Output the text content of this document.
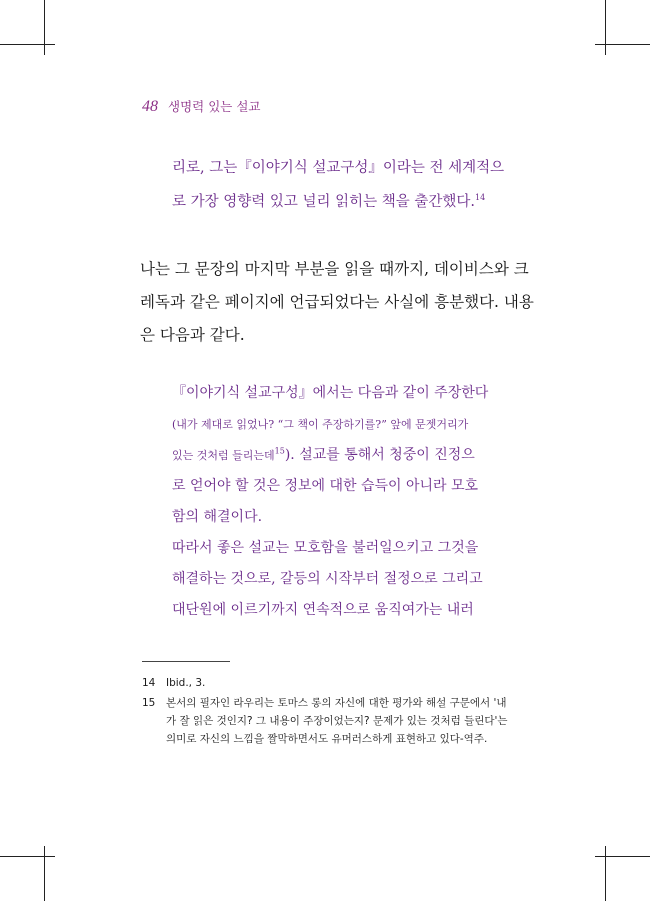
48 생명력 있는 설교

리로, 그는『이야기식 설교구성』이라는 전 세계적으

로 가장 영향력 있고 널리 읽히는 책을 출간했다.$^{14}$

나는 그 문장의 마지막 부분을 읽을 때까지, 데이비스와 크

레독과 같은 페이지에 언급되었다는 사실에 흥분했다. 내용

은 다음과 같다.

『이야기식 설교구성』에서는 다음과 같이 주장한다

(내가 제대로 읽었나? “그 책이 주장하기를?” 앞에 문젯거리가

있는 것처럼 들리는데$^{15}$). 설교를 통해서 청중이 진정으

로 얻어야 할 것은 정보에 대한 습득이 아니라 모호

함의 해결이다.

따라서 좋은 설교는 모호함을 불러일으키고 그것을

해결하는 것으로, 갈등의 시작부터 절정으로 그리고

대단원에 이르기까지 연속적으로 움직여가는 내러

14	Ibid., 3.
15	본서의 필자인 라우리는 토마스 롱의 자신에 대한 평가와 해설 구문에서 '내가 잘 읽은 것인지? 그 내용이 주장이었는지? 문제가 있는 것처럼 들린다'는 의미로 자신의 느낌을 짤막하면서도 유머러스하게 표현하고 있다-역주.
